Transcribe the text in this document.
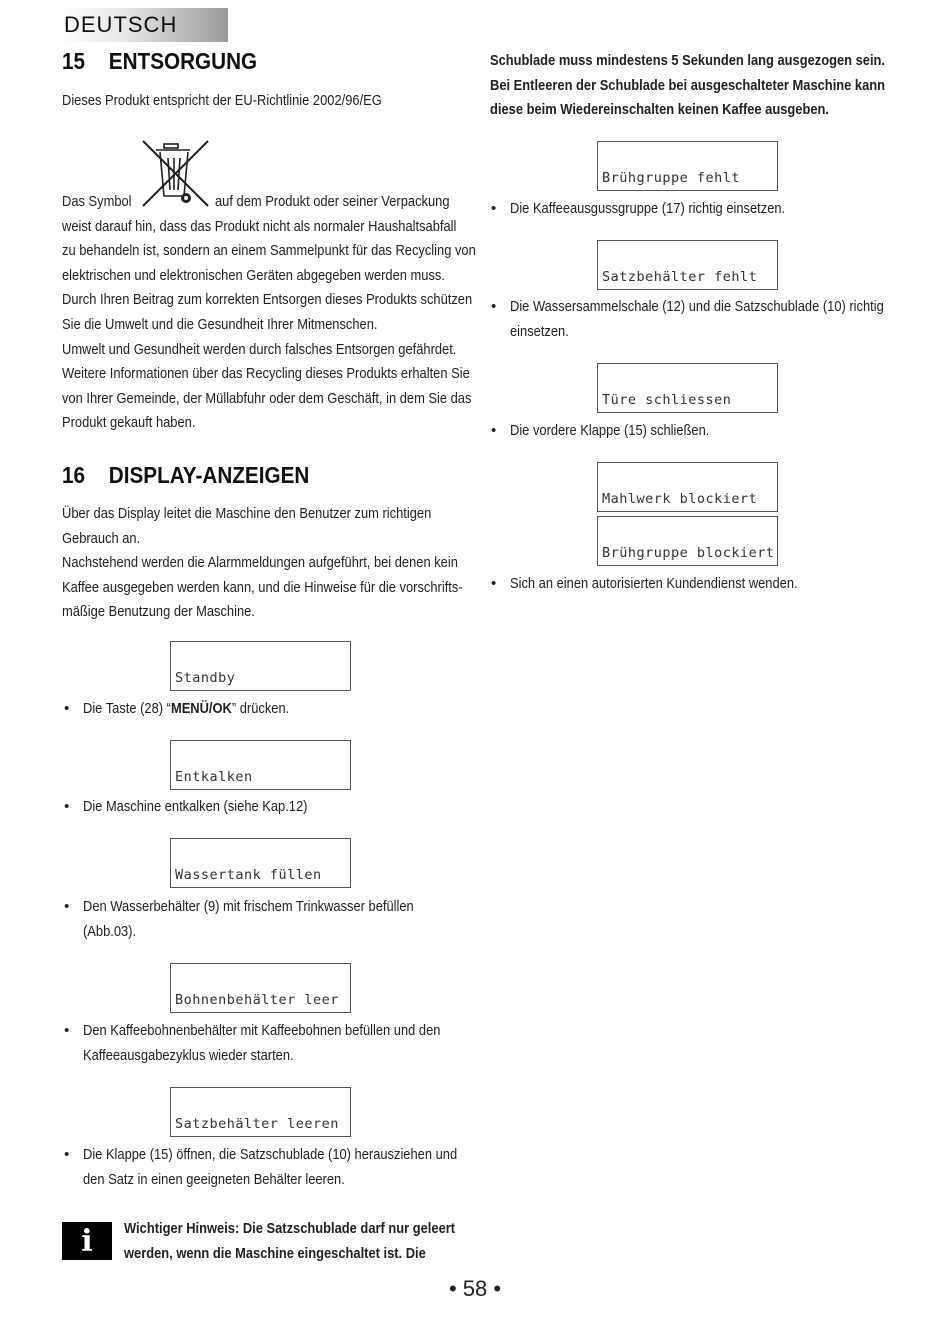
DEUTSCH
15 ENTSORGUNG
Dieses Produkt entspricht der EU-Richtlinie 2002/96/EG
Das Symbol	auf dem Produkt oder seiner Verpackung
weist darauf hin, dass das Produkt nicht als normaler Haushaltsabfall
zu behandeln ist, sondern an einem Sammelpunkt für das Recycling von
elektrischen und elektronischen Geräten abgegeben werden muss.
Durch Ihren Beitrag zum korrekten Entsorgen dieses Produkts schützen
Sie die Umwelt und die Gesundheit Ihrer Mitmenschen.
Umwelt und Gesundheit werden durch falsches Entsorgen gefährdet.
Weitere Informationen über das Recycling dieses Produkts erhalten Sie
von Ihrer Gemeinde, der Müllabfuhr oder dem Geschäft, in dem Sie das
Produkt gekauft haben.
16 DISPLAY-ANZEIGEN
Über das Display leitet die Maschine den Benutzer zum richtigen
Gebrauch an.
Nachstehend werden die Alarmmeldungen aufgeführt, bei denen kein
Kaffee ausgegeben werden kann, und die Hinweise für die vorschrifts-
mäßige Benutzung der Maschine.
Standby
• Die Taste (28) “MENÜ/OK” drücken.
Entkalken
• Die Maschine entkalken (siehe Kap.12)
Wassertank füllen
• Den Wasserbehälter (9) mit frischem Trinkwasser befüllen
(Abb.03).
Bohnenbehälter leer
• Den Kaffeebohnenbehälter mit Kaffeebohnen befüllen und den
Kaffeeausgabezyklus wieder starten.
Satzbehälter leeren
• Die Klappe (15) öffnen, die Satzschublade (10) herausziehen und
den Satz in einen geeigneten Behälter leeren.
i	Wichtiger Hinweis: Die Satzschublade darf nur geleert
werden, wenn die Maschine eingeschaltet ist. Die
Schublade muss mindestens 5 Sekunden lang ausgezogen sein.
Bei Entleeren der Schublade bei ausgeschalteter Maschine kann
diese beim Wiedereinschalten keinen Kaffee ausgeben.
Brühgruppe fehlt
• Die Kaffeeausgussgruppe (17) richtig einsetzen.
Satzbehälter fehlt
• Die Wassersammelschale (12) und die Satzschublade (10) richtig
einsetzen.
Türe schliessen
• Die vordere Klappe (15) schließen.
Mahlwerk blockiert
Brühgruppe blockiert
• Sich an einen autorisierten Kundendienst wenden.
• 58 •
